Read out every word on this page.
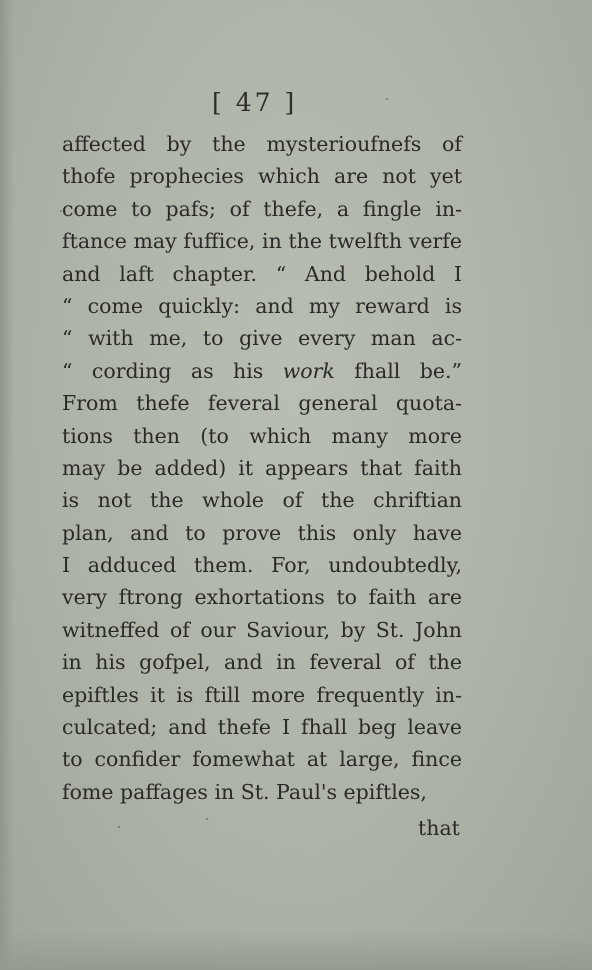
[ 47 ]
affected by the mysterioufnefs of
thofe prophecies which are not yet
come to pafs; of thefe, a fingle in-
ftance may fuffice, in the twelfth verfe
and laft chapter. “ And behold I
“ come quickly: and my reward is
“ with me, to give every man ac-
“ cording as his work fhall be.”
From thefe feveral general quota-
tions then (to which many more
may be added) it appears that faith
is not the whole of the chriftian
plan, and to prove this only have
I adduced them. For, undoubtedly,
very ftrong exhortations to faith are
witneffed of our Saviour, by St. John
in his gofpel, and in feveral of the
epiftles it is ftill more frequently in-
culcated; and thefe I fhall beg leave
to confider fomewhat at large, fince
fome paffages in St. Paul's epiftles,
that
